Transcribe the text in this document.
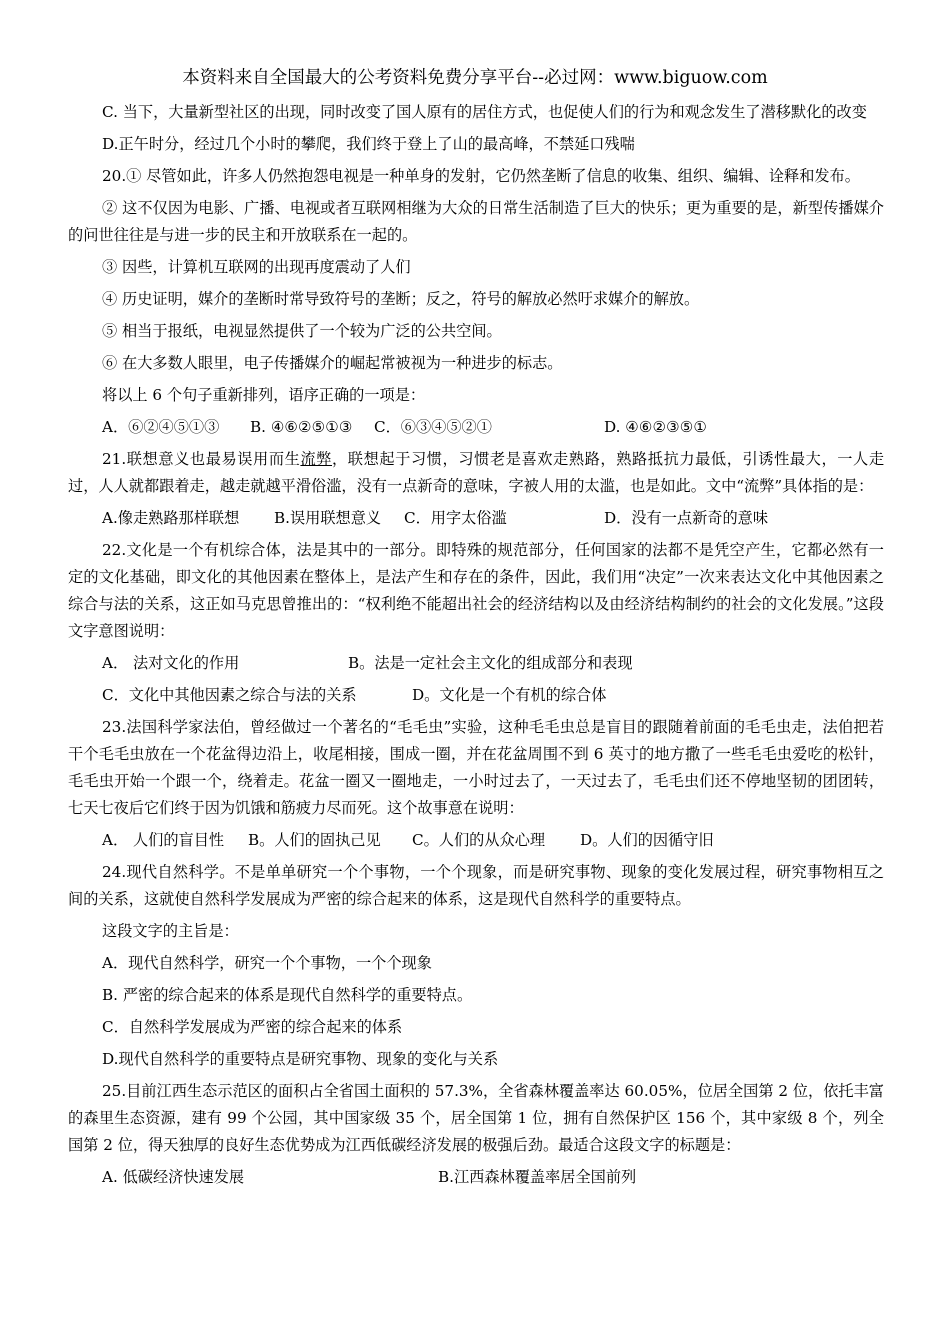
本资料来自全国最大的公考资料免费分享平台--必过网：www.biguow.com

C. 当下，大量新型社区的出现，同时改变了国人原有的居住方式，也促使人们的行为和观念发生了潜移默化的改变

D.正午时分，经过几个小时的攀爬，我们终于登上了山的最高峰，不禁延口残喘

20.① 尽管如此，许多人仍然抱怨电视是一种单身的发射，它仍然垄断了信息的收集、组织、编辑、诠释和发布。

② 这不仅因为电影、广播、电视或者互联网相继为大众的日常生活制造了巨大的快乐；更为重要的是，新型传播媒介的问世往往是与进一步的民主和开放联系在一起的。

③ 因些，计算机互联网的出现再度震动了人们

④ 历史证明，媒介的垄断时常导致符号的垄断；反之，符号的解放必然吁求媒介的解放。

⑤ 相当于报纸，电视显然提供了一个较为广泛的公共空间。

⑥ 在大多数人眼里，电子传播媒介的崛起常被视为一种进步的标志。

将以上 6 个句子重新排列，语序正确的一项是：

A．⑥②④⑤①③	B. ④⑥②⑤①③	C．⑥③④⑤②①	D. ④⑥②③⑤①

21.联想意义也最易误用而生流弊，联想起于习惯，习惯老是喜欢走熟路，熟路抵抗力最低，引诱性最大，一人走过，人人就都跟着走，越走就越平滑俗滥，没有一点新奇的意味，字被人用的太滥，也是如此。文中“流弊”具体指的是：

A.像走熟路那样联想	B.误用联想意义	C．用字太俗滥	D．没有一点新奇的意味

22.文化是一个有机综合体，法是其中的一部分。即特殊的规范部分，任何国家的法都不是凭空产生，它都必然有一定的文化基础，即文化的其他因素在整体上，是法产生和存在的条件，因此，我们用“决定”一次来表达文化中其他因素之综合与法的关系，这正如马克思曾推出的：“权利绝不能超出社会的经济结构以及由经济结构制约的社会的文化发展。”这段文字意图说明：

A． 法对文化的作用	B。法是一定社会主文化的组成部分和表现
C．文化中其他因素之综合与法的关系	D。文化是一个有机的综合体

23.法国科学家法伯，曾经做过一个著名的“毛毛虫”实验，这种毛毛虫总是盲目的跟随着前面的毛毛虫走，法伯把若干个毛毛虫放在一个花盆得边沿上，收尾相接，围成一圈，并在花盆周围不到 6 英寸的地方撒了一些毛毛虫爱吃的松针，毛毛虫开始一个跟一个，绕着走。花盆一圈又一圈地走，一小时过去了，一天过去了，毛毛虫们还不停地坚韧的团团转，七天七夜后它们终于因为饥饿和筋疲力尽而死。这个故事意在说明：

A． 人们的盲目性	B。人们的固执己见	C。人们的从众心理	D。人们的因循守旧

24.现代自然科学。不是单单研究一个个事物，一个个现象，而是研究事物、现象的变化发展过程，研究事物相互之间的关系，这就使自然科学发展成为严密的综合起来的体系，这是现代自然科学的重要特点。

这段文字的主旨是：

A．现代自然科学，研究一个个事物，一个个现象

B. 严密的综合起来的体系是现代自然科学的重要特点。

C．自然科学发展成为严密的综合起来的体系

D.现代自然科学的重要特点是研究事物、现象的变化与关系

25.目前江西生态示范区的面积占全省国土面积的 57.3%，全省森林覆盖率达 60.05%，位居全国第 2 位，依托丰富的森里生态资源，建有 99 个公园，其中国家级 35 个，居全国第 1 位，拥有自然保护区 156 个，其中家级 8 个，列全国第 2 位，得天独厚的良好生态优势成为江西低碳经济发展的极强后劲。最适合这段文字的标题是：

A. 低碳经济快速发展	B.江西森林覆盖率居全国前列
